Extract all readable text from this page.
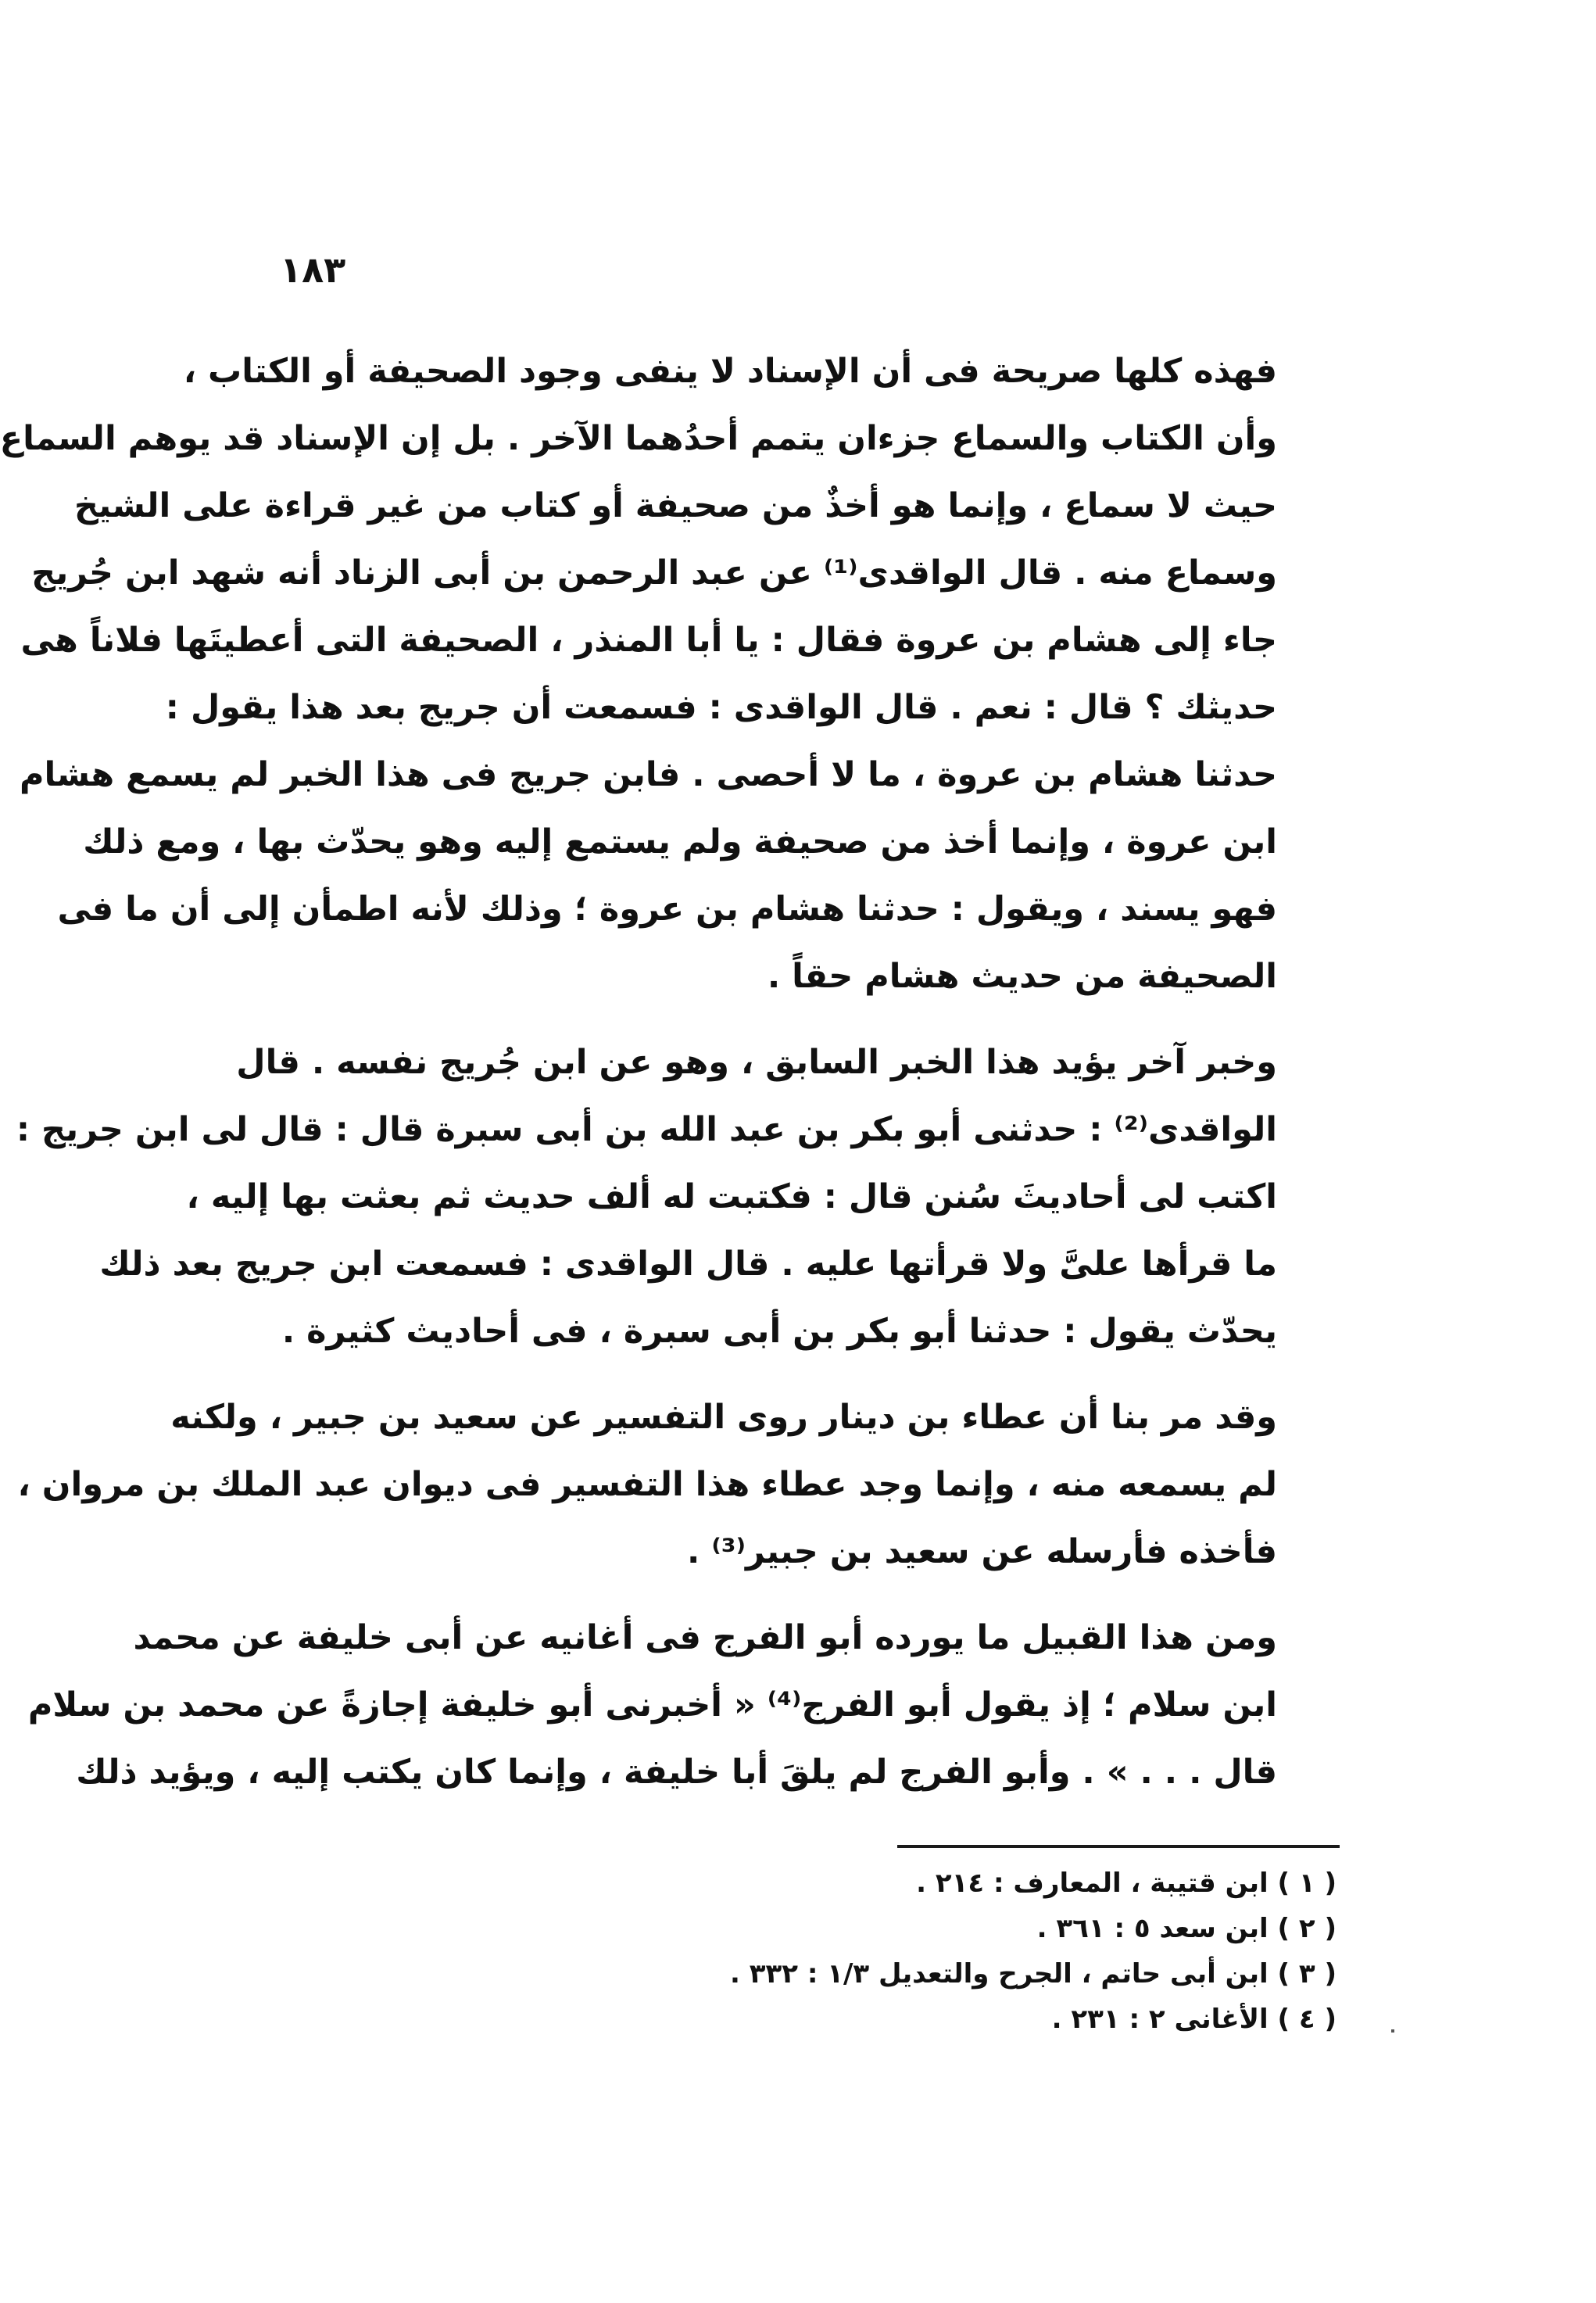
١٨٣
فهذه كلها صريحة فى أن الإسناد لا ينفى وجود الصحيفة أو الكتاب ،
وأن الكتاب والسماع جزءان يتمم أحدُهما الآخر . بل إن الإسناد قد يوهم السماع
حيث لا سماع ، وإنما هو أخذٌ من صحيفة أو كتاب من غير قراءة على الشيخ
وسماع منه . قال الواقدى⁽¹⁾ عن عبد الرحمن بن أبى الزناد أنه شهد ابن جُريج
جاء إلى هشام بن عروة فقال : يا أبا المنذر ، الصحيفة التى أعطيتَها فلاناً هى
حديثك ؟ قال : نعم . قال الواقدى : فسمعت أن جريج بعد هذا يقول :
حدثنا هشام بن عروة ، ما لا أحصى . فابن جريج فى هذا الخبر لم يسمع هشام
ابن عروة ، وإنما أخذ من صحيفة ولم يستمع إليه وهو يحدّث بها ، ومع ذلك
فهو يسند ، ويقول : حدثنا هشام بن عروة ؛ وذلك لأنه اطمأن إلى أن ما فى
الصحيفة من حديث هشام حقاً .
وخبر آخر يؤيد هذا الخبر السابق ، وهو عن ابن جُريج نفسه . قال
الواقدى⁽²⁾ : حدثنى أبو بكر بن عبد الله بن أبى سبرة قال : قال لى ابن جريج :
اكتب لى أحاديثَ سُنن قال : فكتبت له ألف حديث ثم بعثت بها إليه ،
ما قرأها علىَّ ولا قرأتها عليه . قال الواقدى : فسمعت ابن جريج بعد ذلك
يحدّث يقول : حدثنا أبو بكر بن أبى سبرة ، فى أحاديث كثيرة .
وقد مر بنا أن عطاء بن دينار روى التفسير عن سعيد بن جبير ، ولكنه
لم يسمعه منه ، وإنما وجد عطاء هذا التفسير فى ديوان عبد الملك بن مروان ،
فأخذه فأرسله عن سعيد بن جبير⁽³⁾ .
ومن هذا القبيل ما يورده أبو الفرج فى أغانيه عن أبى خليفة عن محمد
ابن سلام ؛ إذ يقول أبو الفرج⁽⁴⁾ « أخبرنى أبو خليفة إجازةً عن محمد بن سلام
قال . . . » . وأبو الفرج لم يلقَ أبا خليفة ، وإنما كان يكتب إليه ، ويؤيد ذلك
( ١ ) ابن قتيبة ، المعارف : ٢١٤ .
( ٢ ) ابن سعد ٥ : ٣٦١ .
( ٣ ) ابن أبى حاتم ، الجرح والتعديل ١/٣ : ٣٣٢ .
( ٤ ) الأغانى ٢ : ٢٣١ .
